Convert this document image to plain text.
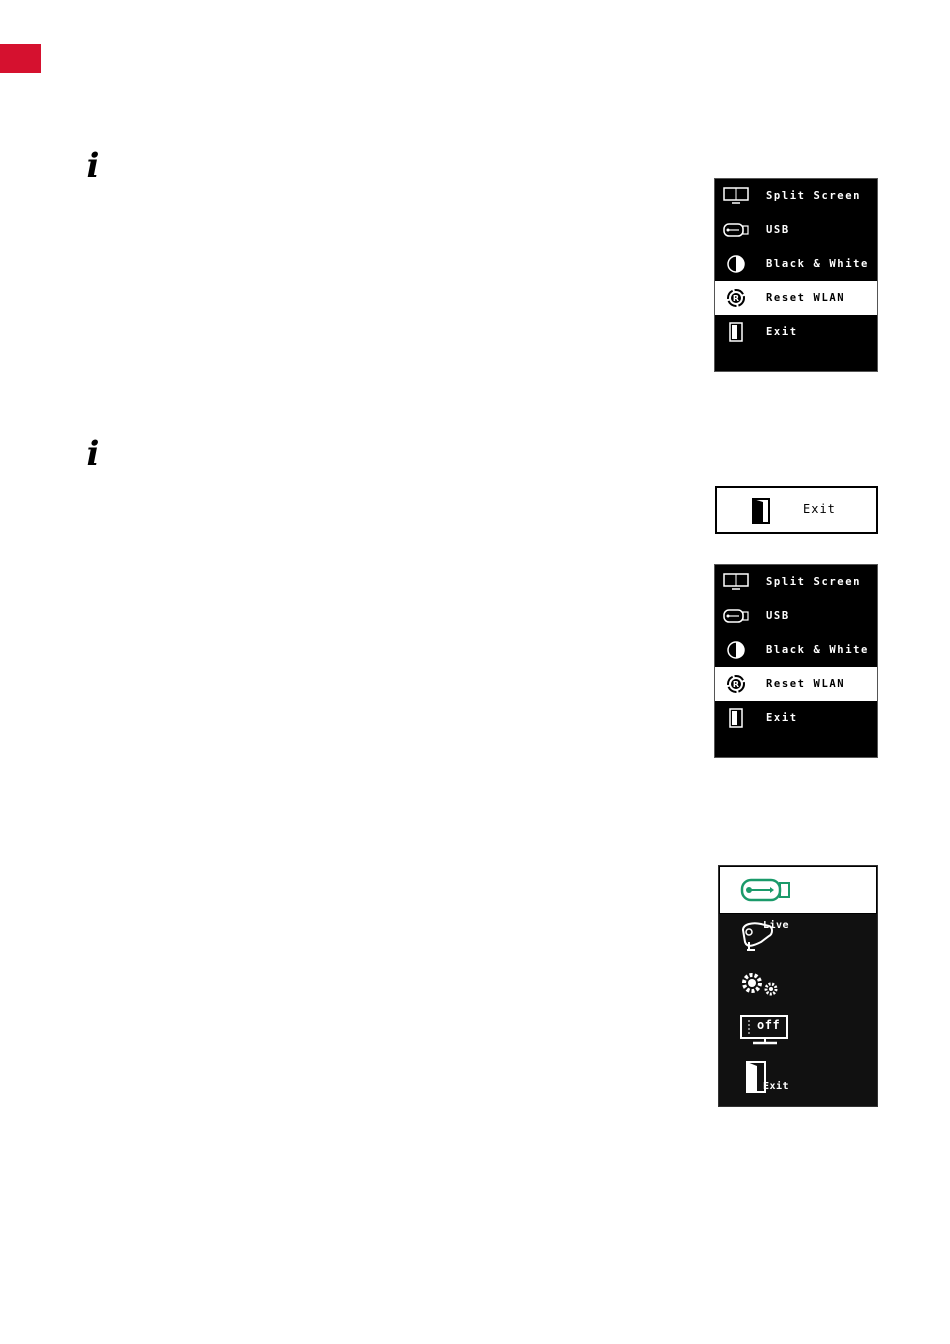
i
i
Split Screen
USB
Black & White
R	Reset WLAN
Exit
Exit
Split Screen
USB
Black & White
R	Reset WLAN
Exit
Live
off
Exit
